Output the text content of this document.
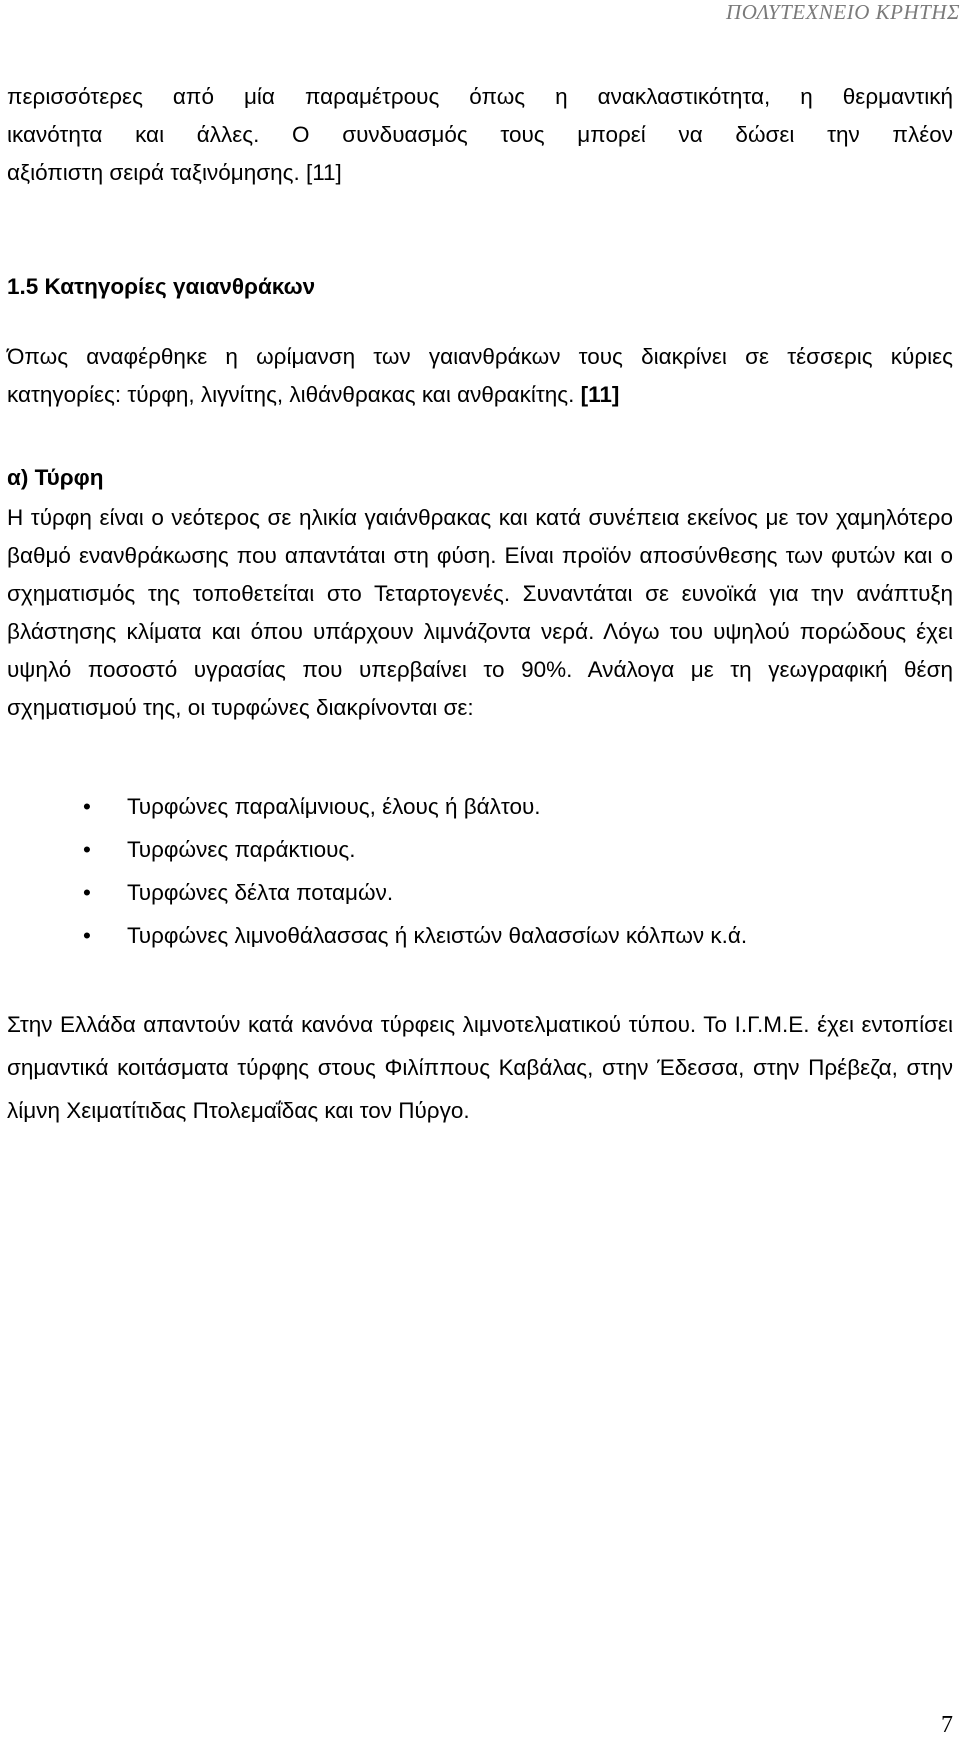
ΠΟΛΥΤΕΧΝΕΙΟ ΚΡΗΤΗΣ

περισσότερες από μία παραμέτρους όπως η ανακλαστικότητα, η θερμαντική

ικανότητα και άλλες. Ο συνδυασμός τους μπορεί να δώσει την πλέον

αξιόπιστη σειρά ταξινόμησης. [11]

1.5 Κατηγορίες γαιανθράκων

Όπως αναφέρθηκε η ωρίμανση των γαιανθράκων τους διακρίνει σε τέσσερις κύριες κατηγορίες: τύρφη, λιγνίτης, λιθάνθρακας και ανθρακίτης. [11]

α) Τύρφη

Η τύρφη είναι ο νεότερος σε ηλικία γαιάνθρακας και κατά συνέπεια εκείνος με τον χαμηλότερο βαθμό ενανθράκωσης που απαντάται στη φύση. Είναι προϊόν αποσύνθεσης των φυτών και ο σχηματισμός της τοποθετείται στο Τεταρτογενές. Συναντάται σε ευνοϊκά για την ανάπτυξη βλάστησης κλίματα και όπου υπάρχουν λιμνάζοντα νερά. Λόγω του υψηλού πορώδους έχει υψηλό ποσοστό υγρασίας που υπερβαίνει το 90%. Ανάλογα με τη γεωγραφική θέση σχηματισμού της, οι τυρφώνες διακρίνονται σε:

• Τυρφώνες παραλίμνιους, έλους ή βάλτου.
• Τυρφώνες παράκτιους.
• Τυρφώνες δέλτα ποταμών.
• Τυρφώνες λιμνοθάλασσας ή κλειστών θαλασσίων κόλπων κ.ά.

Στην Ελλάδα απαντούν κατά κανόνα τύρφεις λιμνοτελματικού τύπου. Το Ι.Γ.Μ.Ε. έχει εντοπίσει σημαντικά κοιτάσματα τύρφης στους Φιλίππους Καβάλας, στην Έδεσσα, στην Πρέβεζα, στην λίμνη Χειματίτιδας Πτολεμαΐδας και τον Πύργο.

7
